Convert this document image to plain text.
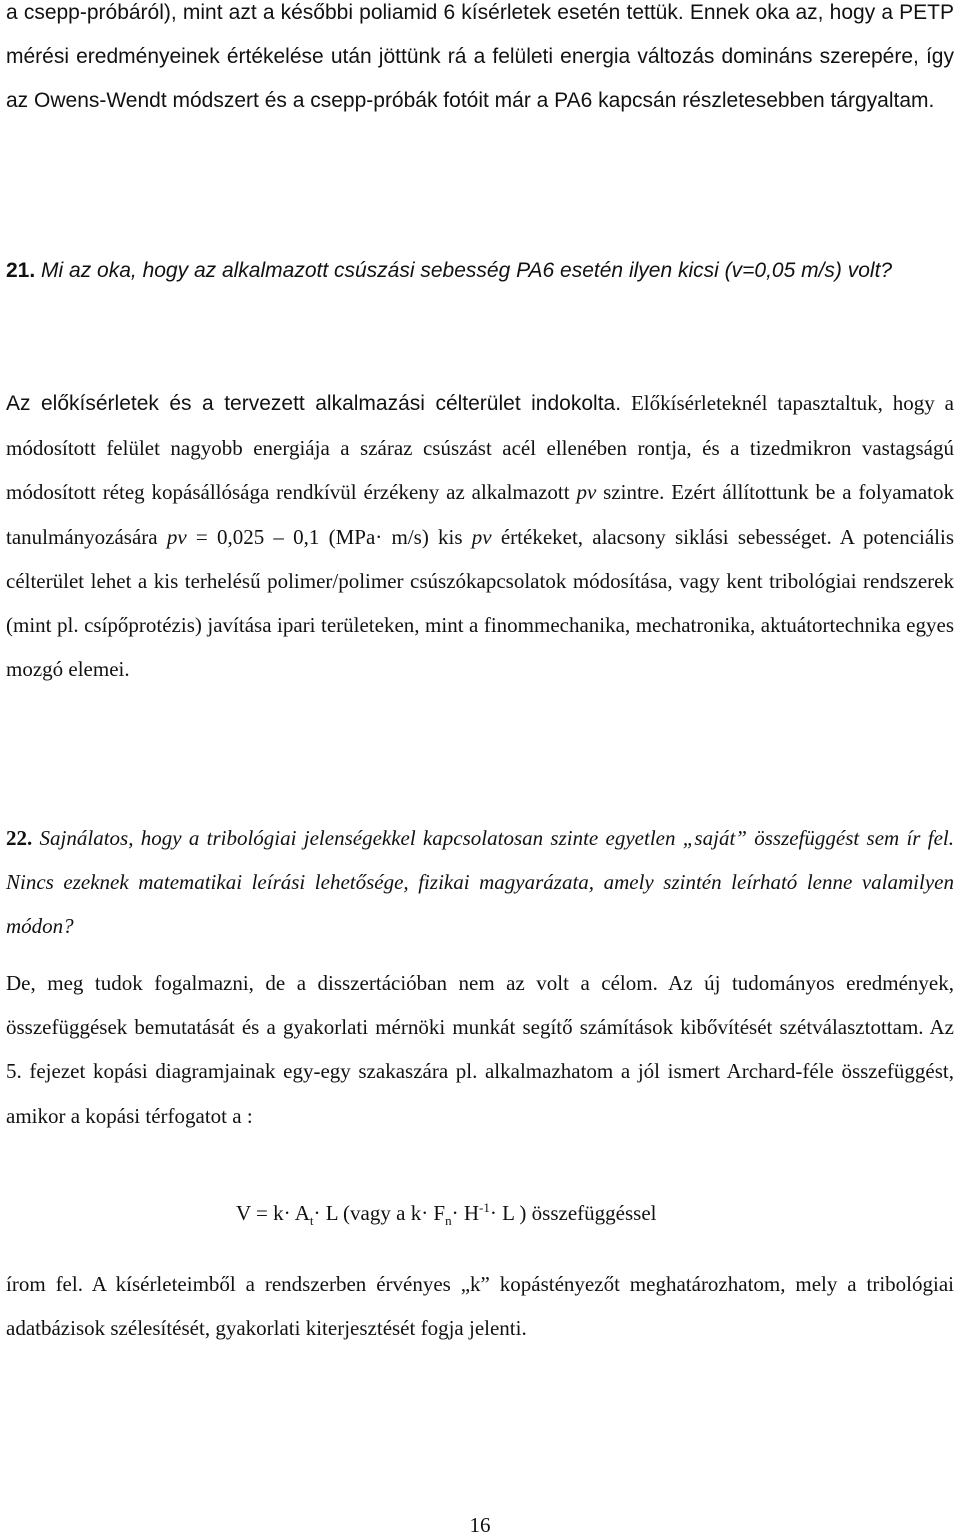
a csepp-próbáról), mint azt a későbbi poliamid 6 kísérletek esetén tettük. Ennek oka az, hogy a PETP mérési eredményeinek értékelése után jöttünk rá a felületi energia változás domináns szerepére, így az Owens-Wendt módszert és a csepp-próbák fotóit már a PA6 kapcsán részletesebben tárgyaltam.

21. Mi az oka, hogy az alkalmazott csúszási sebesség PA6 esetén ilyen kicsi (v=0,05 m/s) volt?

Az előkísérletek és a tervezett alkalmazási célterület indokolta. Előkísérleteknél tapasztaltuk, hogy a módosított felület nagyobb energiája a száraz csúszást acél ellenében rontja, és a tizedmikron vastagságú módosított réteg kopásállósága rendkívül érzékeny az alkalmazott pv szintre. Ezért állítottunk be a folyamatok tanulmányozására pv = 0,025 – 0,1 (MPa· m/s) kis pv értékeket, alacsony siklási sebességet. A potenciális célterület lehet a kis terhelésű polimer/polimer csúszókapcsolatok módosítása, vagy kent tribológiai rendszerek (mint pl. csípőprotézis) javítása ipari területeken, mint a finommechanika, mechatronika, aktuátortechnika egyes mozgó elemei.

22. Sajnálatos, hogy a tribológiai jelenségekkel kapcsolatosan szinte egyetlen „saját” összefüggést sem ír fel. Nincs ezeknek matematikai leírási lehetősége, fizikai magyarázata, amely szintén leírható lenne valamilyen módon?

De, meg tudok fogalmazni, de a disszertációban nem az volt a célom. Az új tudományos eredmények, összefüggések bemutatását és a gyakorlati mérnöki munkát segítő számítások kibővítését szétválasztottam. Az 5. fejezet kopási diagramjainak egy-egy szakaszára pl. alkalmazhatom a jól ismert Archard-féle összefüggést, amikor a kopási térfogatot a :

$V = k\cdot A_t\cdot L$ (vagy a $k\cdot F_n\cdot H^{-1}\cdot L$ ) összefüggéssel

írom fel. A kísérleteimből a rendszerben érvényes „k” kopástényezőt meghatározhatom, mely a tribológiai adatbázisok szélesítését, gyakorlati kiterjesztését fogja jelenti.

16
